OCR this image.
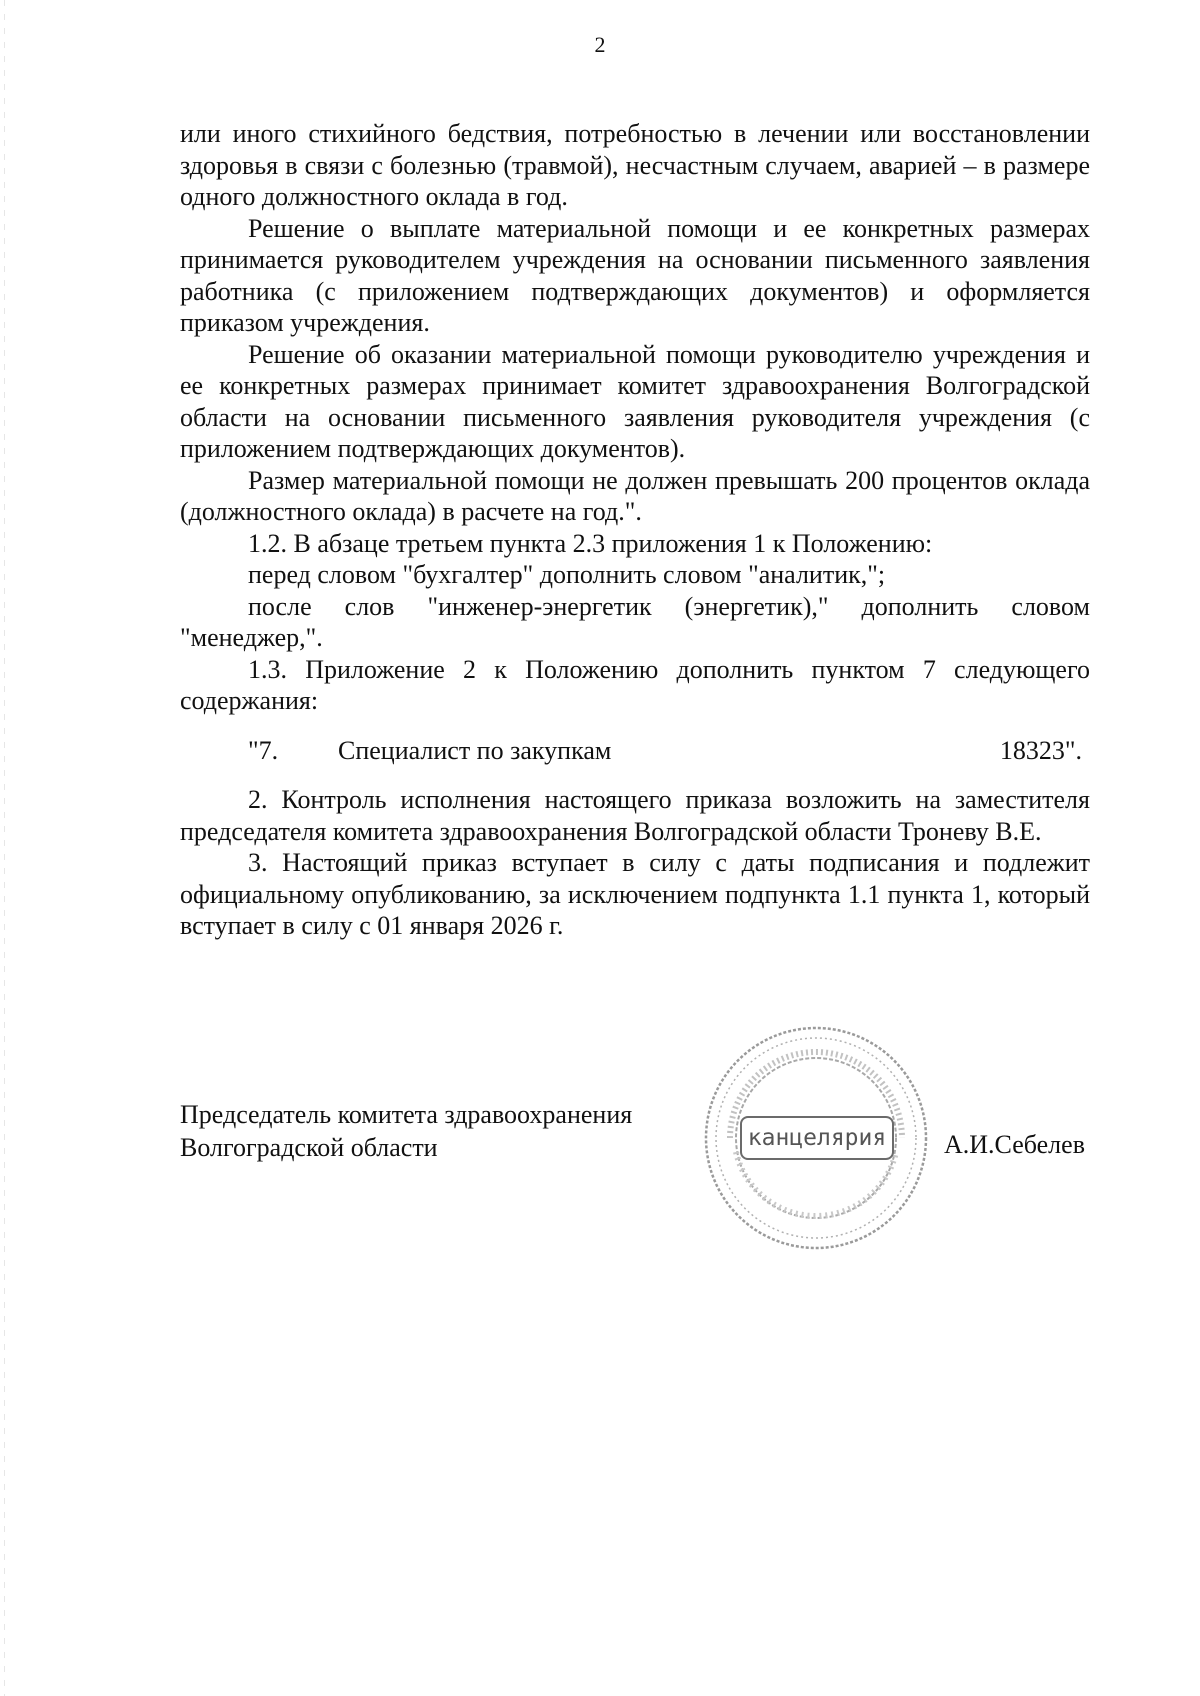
2

или иного стихийного бедствия, потребностью в лечении или восстановлении здоровья в связи с болезнью (травмой), несчастным случаем, аварией – в размере одного должностного оклада в год.

Решение о выплате материальной помощи и ее конкретных размерах принимается руководителем учреждения на основании письменного заявления работника (с приложением подтверждающих документов) и оформляется приказом учреждения.

Решение об оказании материальной помощи руководителю учреждения и ее конкретных размерах принимает комитет здравоохранения Волгоградской области на основании письменного заявления руководителя учреждения (с приложением подтверждающих документов).

Размер материальной помощи не должен превышать 200 процентов оклада (должностного оклада) в расчете на год.".

1.2. В абзаце третьем пункта 2.3 приложения 1 к Положению:

перед словом "бухгалтер" дополнить словом "аналитик,";

после слов "инженер-энергетик (энергетик)," дополнить словом "менеджер,".

1.3. Приложение 2 к Положению дополнить пунктом 7 следующего содержания:

"7.	Специалист по закупкам	18323".

2. Контроль исполнения настоящего приказа возложить на заместителя председателя комитета здравоохранения Волгоградской области Троневу В.Е.

3. Настоящий приказ вступает в силу с даты подписания и подлежит официальному опубликованию, за исключением подпункта 1.1 пункта 1, который вступает в силу с 01 января 2026 г.

Председатель комитета здравоохранения
Волгоградской области	канцелярия А.И.Себелев
